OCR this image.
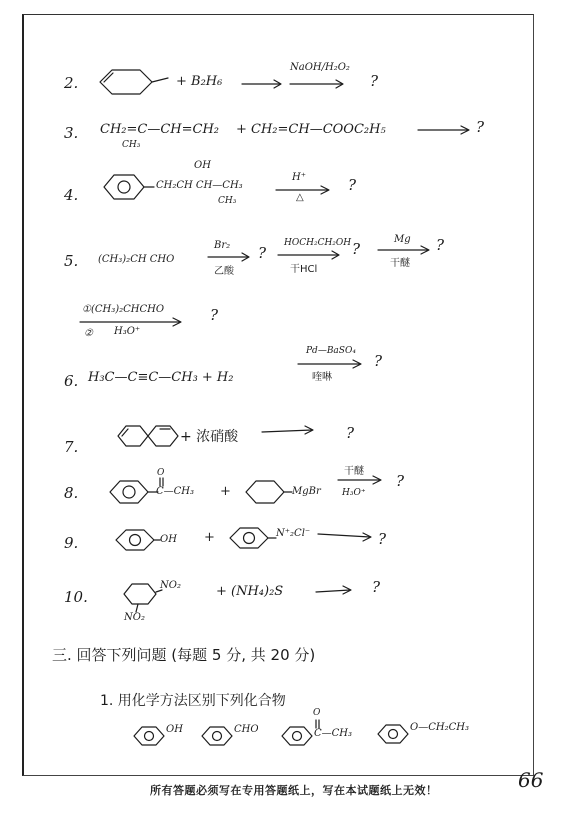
2.	+ B₂H₆
NaOH/H₂O₂
?
3. CH₂=C—CH=CH₂
CH₃
+ CH₂=CH—COOC₂H₅	?
4.
OH
CH₂CH CH—CH₃
CH₃
H⁺
△
?
5. (CH₃)₂CH CHO
Br₂
乙酸
?
HOCH₂CH₂OH
干HCl
?
Mg
干醚
?
①(CH₃)₂CHCHO
② H₃O⁺
?
6. H₃C—C≡C—CH₃ + H₂
Pd—BaSO₄
喹啉
?
7.
+ 浓硝酸	?
8.
O
C—CH₃ +	MgBr
干醚
H₃O⁺
?
9.	OH +	N⁺₂Cl⁻	?
10.
NO₂
NO₂
+ (NH₄)₂S	?
三. 回答下列问题 (每题 5 分, 共 20 分)
1. 用化学方法区别下列化合物
OH	CHO
O
C—CH₃
O—CH₂CH₃
所有答题必须写在专用答题纸上，写在本试题纸上无效！	66
